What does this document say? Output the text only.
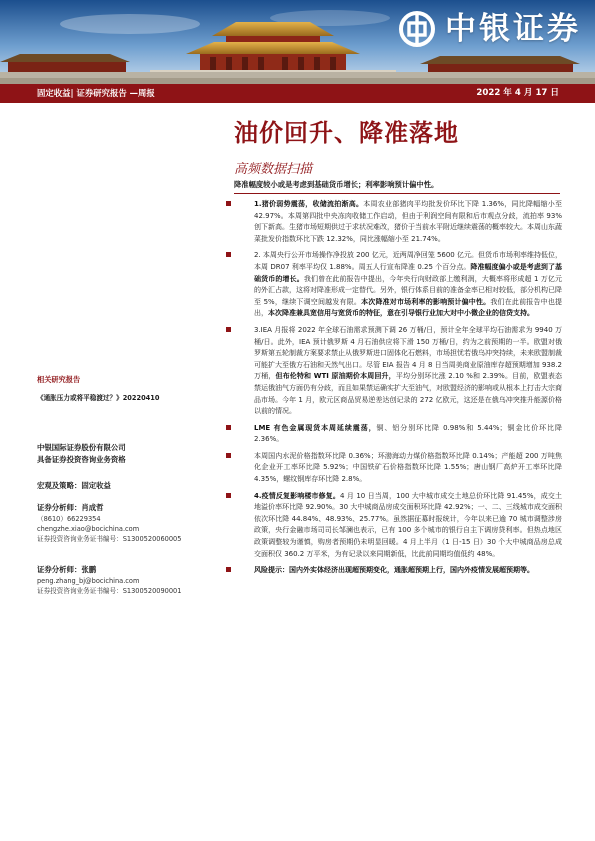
中银证券
固定收益| 证券研究报告 —周报	2022 年 4 月 17 日
油价回升、降准落地
高频数据扫描
降准幅度较小或是考虑到基础货币增长；利率影响预计偏中性。

1.猪价弱势震荡，收储流拍渐高。本周农业部猪肉平均批发价环比下降 1.36%，同比降幅缩小至 42.97%。本周第四批中央冻肉收储工作启动，但由于利润空间有限和后市观点分歧，流拍率 93%创下新高。生猪市场短期供过于求状况难改，猪价于当前水平附近继续震荡的概率较大。本周山东蔬菜批发价指数环比下跌 12.32%，同比涨幅缩小至 21.74%。

2. 本周央行公开市场操作净投放 200 亿元，近两周净回笼 5600 亿元。但货币市场利率维持低位，本周 DR07 利率平均仅 1.88%。周五人行宣布降准 0.25 个百分点。降准幅度偏小或是考虑到了基础货币的增长。我们曾在此前报告中提出，今年央行向财政部上缴利润，大概率将形成超 1 万亿元的外汇占款，这将对降准形成一定替代。另外，银行体系目前的准备金率已相对较低，部分机构已降至 5%，继续下调空间越发有限。本次降准对市场利率的影响预计偏中性。我们在此前报告中也提出，本次降准兼具宽信用与宽货币的特征，意在引导银行业加大对中小微企业的信贷支持。

3.IEA 月报将 2022 年全球石油需求预测下调 26 万桶/日，预计全年全球平均石油需求为 9940 万桶/日。此外，IEA 预计俄罗斯 4 月石油供应将下滑 150 万桶/日，约为之前预期的一半。欧盟对俄罗斯第五轮制裁方案要求禁止从俄罗斯进口固体化石燃料，市场担忧若俄乌冲突持续，未来欧盟制裁可能扩大至俄方石油和天然气出口。尽管 EIA 报告 4 月 8 日当周美商业原油库存超预期增加 938.2 万桶，但布伦特和 WTI 原油期价本周回升，平均分别环比涨 2.10 %和 2.39%。目前，欧盟表态禁运俄油气方面仍有分歧，而且如果禁运确实扩大至油气，对欧盟经济的影响或从根本上打击大宗商品市场。今年 1 月，欧元区商品贸易逆差达创记录的 272 亿欧元，这还是在俄乌冲突推升能源价格以前的情况。

LME 有色金属现货本周延续震荡，铜、铝分别环比降 0.98%和 5.44%；铜金比价环比降 2.36%。

本周国内水泥价格指数环比降 0.36%；环渤海动力煤价格指数环比降 0.14%；产能超 200 万吨焦化企业开工率环比降 5.92%；中国铁矿石价格指数环比降 1.55%；唐山钢厂高炉开工率环比降 4.35%，螺纹钢库存环比降 2.8%。

4.疫情反复影响楼市修复。4 月 10 日当周，100 大中城市成交土地总价环比降 91.45%，成交土地溢价率环比降 92.90%。30 大中城商品房成交面积环比降 42.92%；一、二、三线城市成交面积依次环比降 44.84%、48.93%、25.77%。虽然据征募时报统计，今年以来已逾 70 城市调整涉房政策，央行金融市场司司长邹澜也表示，已有 100 多个城市的银行自主下调房贷利率。但热点地区政策调整较为谨慎，购房者预期仍未明显回暖。4 月上半月（1 日-15 日）30 个大中城商品房总成交面积仅 360.2 万平米，为有记录以来同期新低，比此前同期均值低约 48%。

风险提示：国内外实体经济出现超预期变化，通胀超预期上行，国内外疫情发展超预期等。

相关研究报告
《通胀压力或将平稳渡过？》20220410
中银国际证券股份有限公司
具备证券投资咨询业务资格
宏观及策略：固定收益
证券分析师：肖成哲
（8610）66229354
chengzhe.xiao@bocichina.com
证券投资咨询业务证书编号：S1300520060005
证券分析师：张鹏
peng.zhang_bj@bocichina.com
证券投资咨询业务证书编号：S1300520090001
